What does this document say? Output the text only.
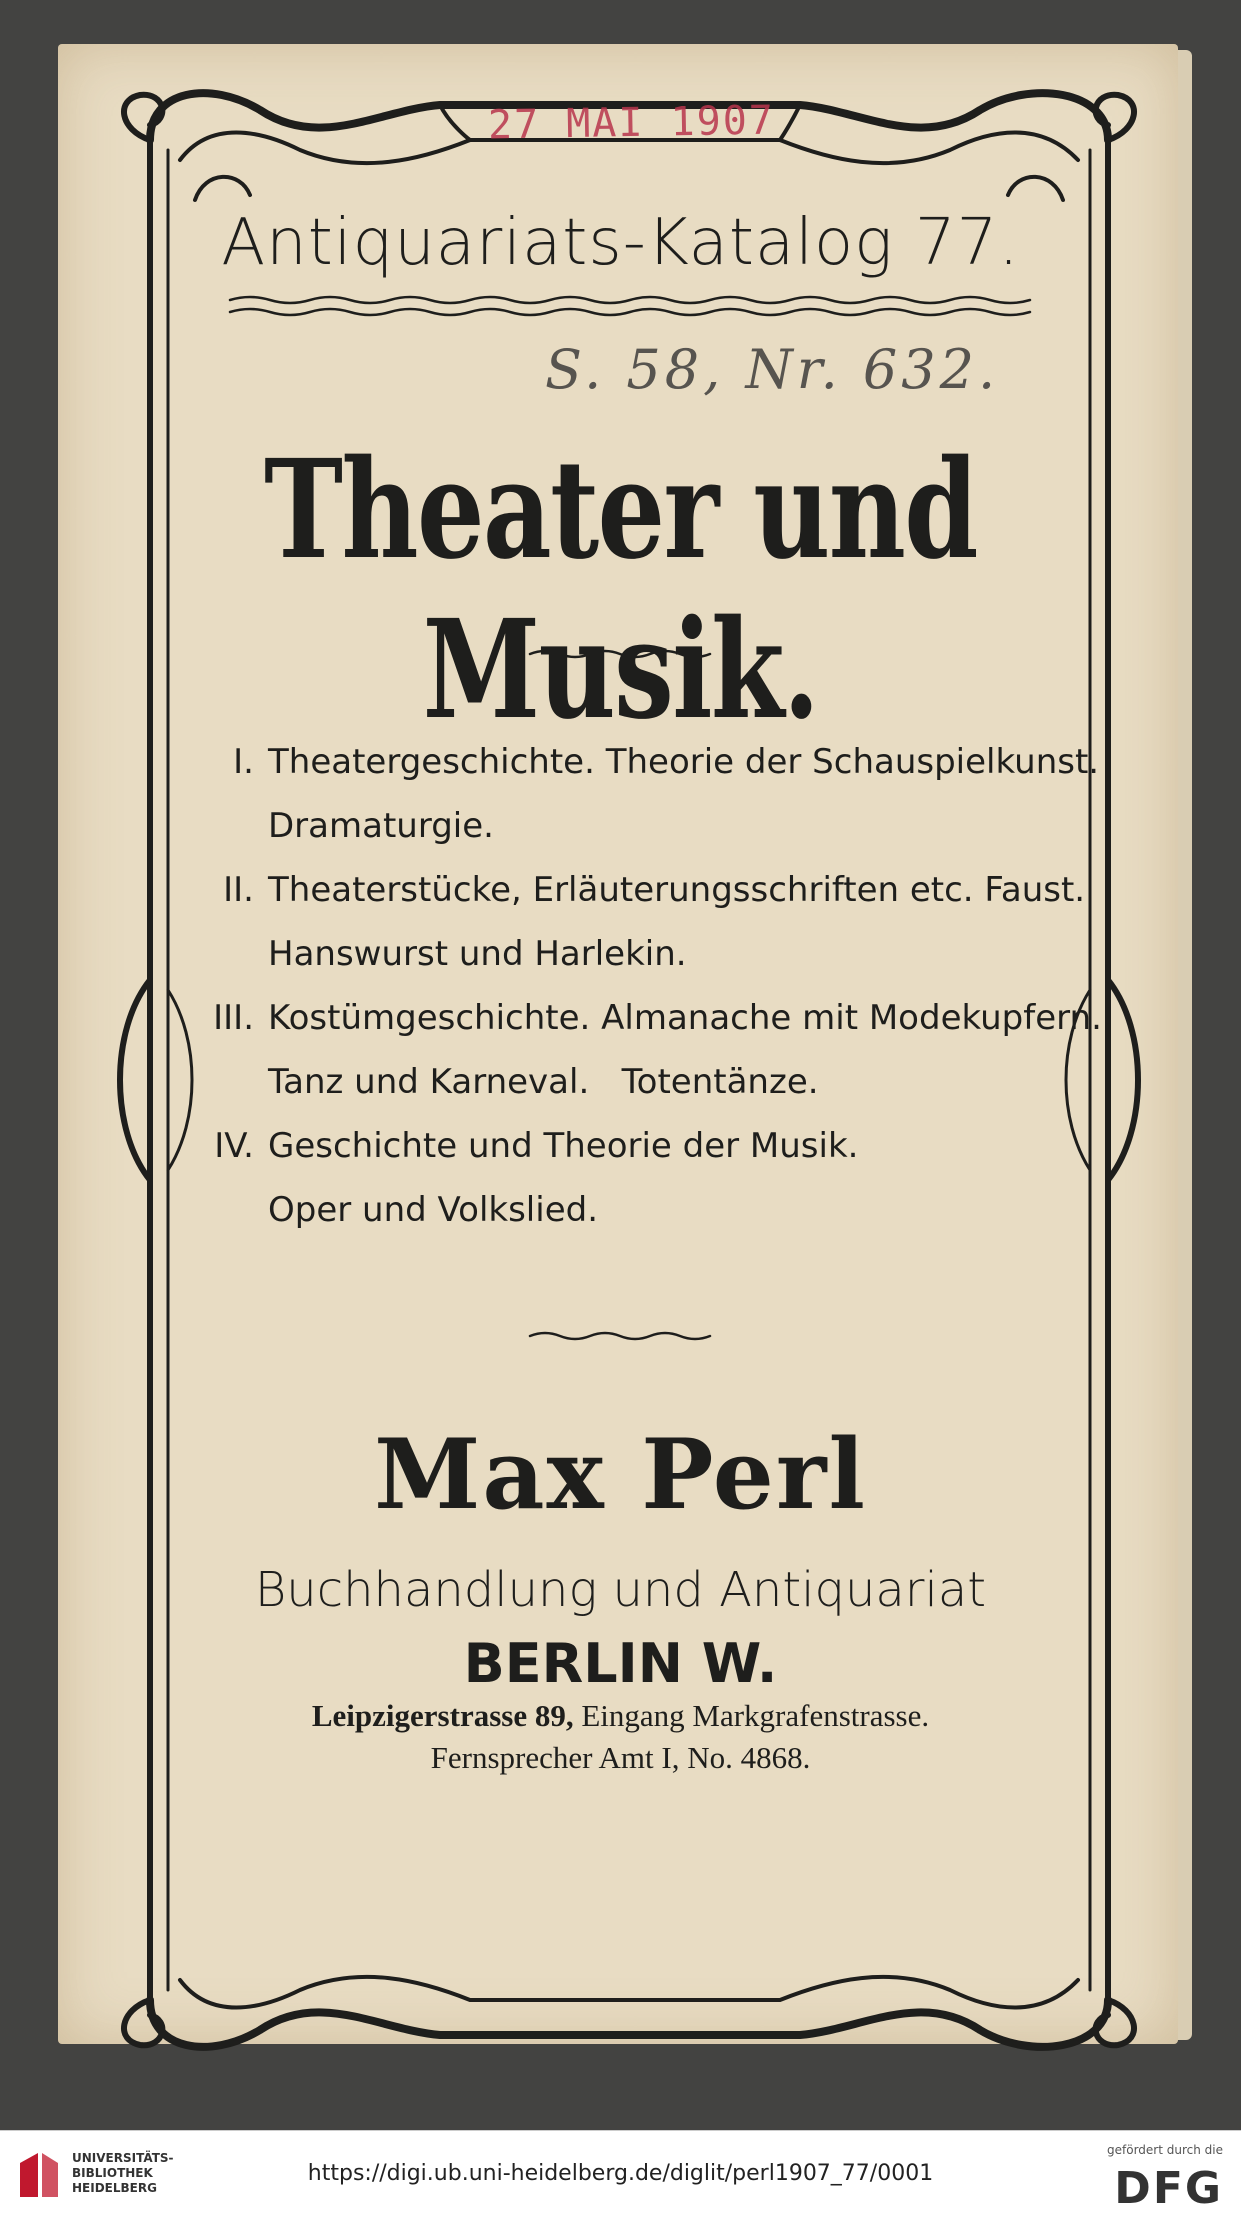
27 MAI 1907
S. 58, Nr. 632.
Antiquariats-Katalog 77.
Theater und Musik.
I. Theatergeschichte. Theorie der Schauspielkunst.
Dramaturgie.
II. Theaterstücke, Erläuterungsschriften etc. Faust.
Hanswurst und Harlekin.
III. Kostümgeschichte. Almanache mit Modekupfern.
Tanz und Karneval.   Totentänze.
IV. Geschichte und Theorie der Musik.
Oper und Volkslied.
Max Perl
Buchhandlung und Antiquariat
BERLIN W.
Leipzigerstrasse 89, Eingang Markgrafenstrasse.
Fernsprecher Amt I, No. 4868.
UNIVERSITÄTS-
BIBLIOTHEK
HEIDELBERG
https://digi.ub.uni-heidelberg.de/diglit/perl1907_77/0001
gefördert durch die
DFG
